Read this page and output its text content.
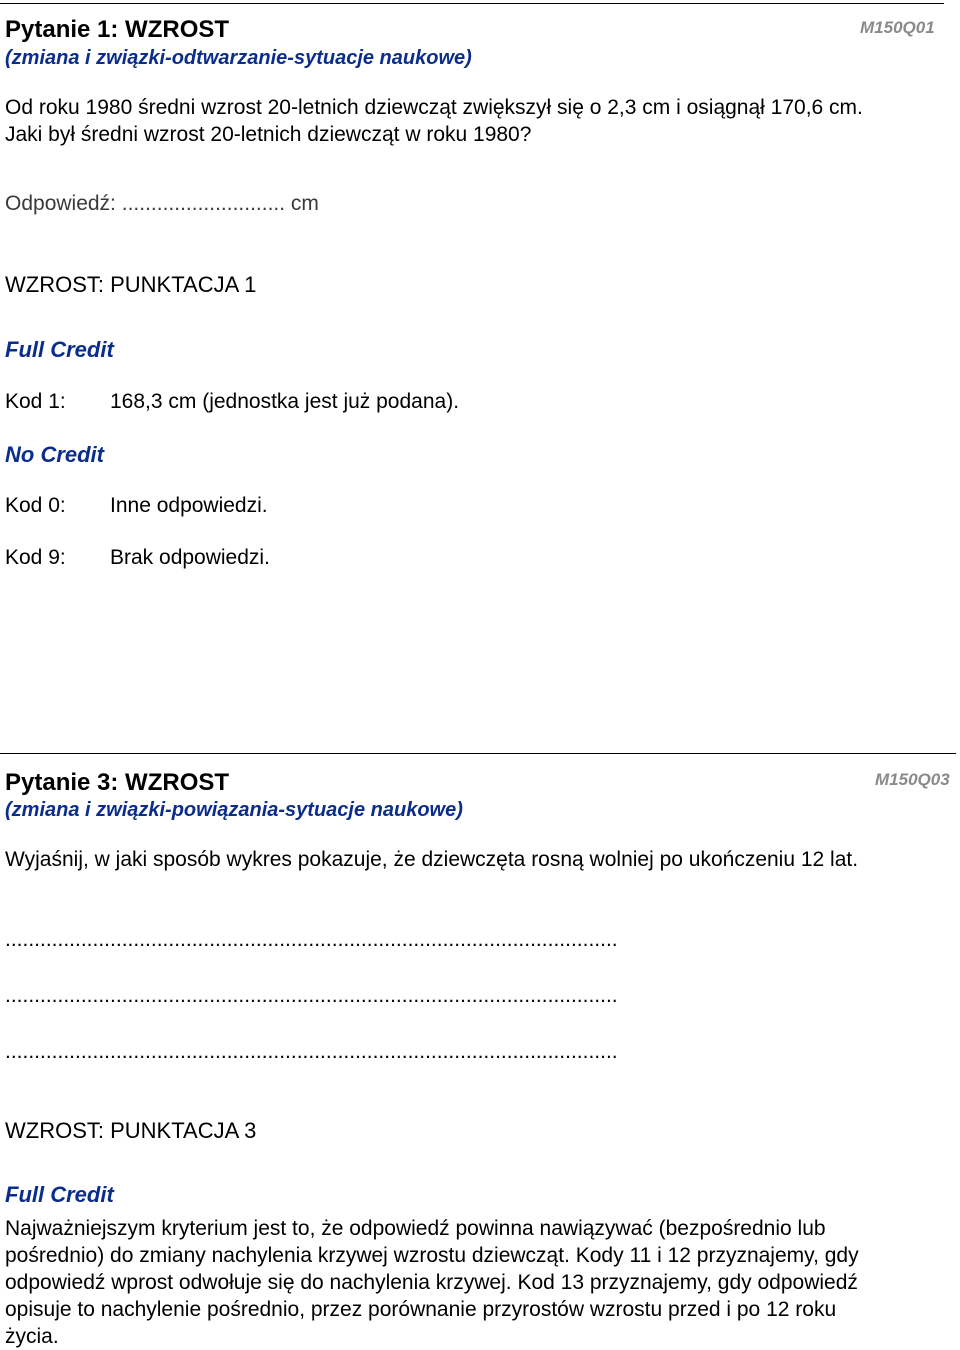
Pytanie 1: WZROST	M150Q01
(zmiana i związki-odtwarzanie-sytuacje naukowe)
Od roku 1980 średni wzrost 20-letnich dziewcząt zwiększył się o 2,3 cm i osiągnął 170,6 cm. Jaki był średni wzrost 20-letnich dziewcząt w roku 1980?
Odpowiedź: ............................ cm
WZROST: PUNKTACJA 1
Full Credit
Kod 1: 168,3 cm (jednostka jest już podana).
No Credit
Kod 0: Inne odpowiedzi.
Kod 9: Brak odpowiedzi.
Pytanie 3: WZROST	M150Q03
(zmiana i związki-powiązania-sytuacje naukowe)
Wyjaśnij, w jaki sposób wykres pokazuje, że dziewczęta rosną wolniej po ukończeniu 12 lat.
.........................................................................................................
.........................................................................................................
.........................................................................................................
WZROST: PUNKTACJA 3
Full Credit
Najważniejszym kryterium jest to, że odpowiedź powinna nawiązywać (bezpośrednio lub pośrednio) do zmiany nachylenia krzywej wzrostu dziewcząt. Kody 11 i 12 przyznajemy, gdy odpowiedź wprost odwołuje się do nachylenia krzywej. Kod 13 przyznajemy, gdy odpowiedź opisuje to nachylenie pośrednio, przez porównanie przyrostów wzrostu przed i po 12 roku życia.
